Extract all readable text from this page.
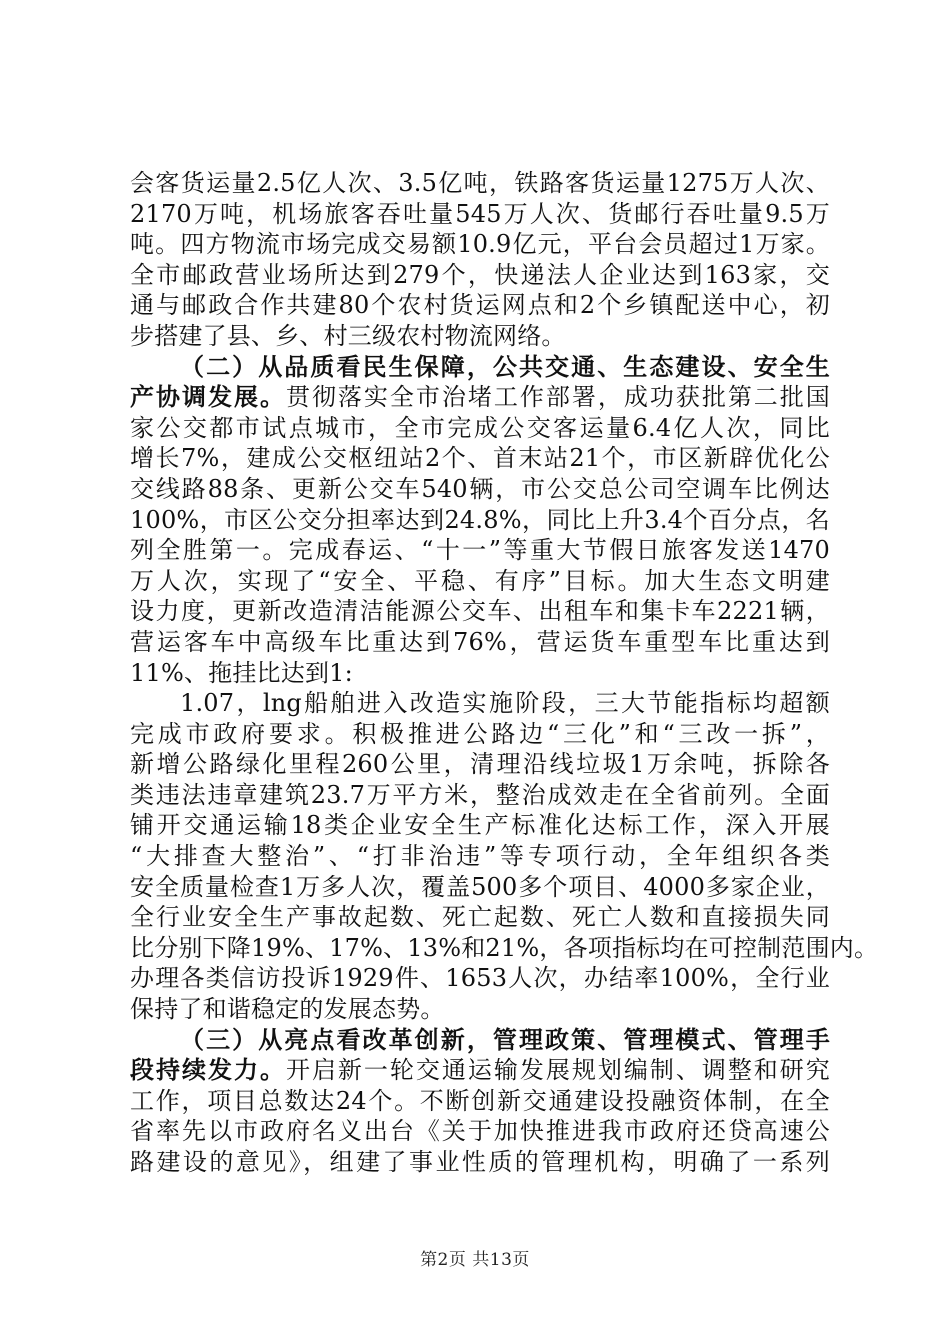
会客货运量2.5亿人次、3.5亿吨，铁路客货运量1275万人次、
2170万吨，机场旅客吞吐量545万人次、货邮行吞吐量9.5万
吨。四方物流市场完成交易额10.9亿元，平台会员超过1万家。
全市邮政营业场所达到279个，快递法人企业达到163家，交
通与邮政合作共建80个农村货运网点和2个乡镇配送中心，初
步搭建了县、乡、村三级农村物流网络。
（二）从品质看民生保障，公共交通、生态建设、安全生
产协调发展。贯彻落实全市治堵工作部署，成功获批第二批国
家公交都市试点城市，全市完成公交客运量6.4亿人次，同比
增长7%，建成公交枢纽站2个、首末站21个，市区新辟优化公
交线路88条、更新公交车540辆，市公交总公司空调车比例达
100%，市区公交分担率达到24.8%，同比上升3.4个百分点，名
列全胜第一。完成春运、“十一”等重大节假日旅客发送1470
万人次，实现了“安全、平稳、有序”目标。加大生态文明建
设力度，更新改造清洁能源公交车、出租车和集卡车2221辆，
营运客车中高级车比重达到76%，营运货车重型车比重达到
11%、拖挂比达到1:
1.07，lng船舶进入改造实施阶段，三大节能指标均超额
完成市政府要求。积极推进公路边“三化”和“三改一拆”，
新增公路绿化里程260公里，清理沿线垃圾1万余吨，拆除各
类违法违章建筑23.7万平方米，整治成效走在全省前列。全面
铺开交通运输18类企业安全生产标准化达标工作，深入开展
“大排查大整治”、“打非治违”等专项行动，全年组织各类
安全质量检查1万多人次，覆盖500多个项目、4000多家企业，
全行业安全生产事故起数、死亡起数、死亡人数和直接损失同
比分别下降19%、17%、13%和21%，各项指标均在可控制范围内。
办理各类信访投诉1929件、1653人次，办结率100%，全行业
保持了和谐稳定的发展态势。
（三）从亮点看改革创新，管理政策、管理模式、管理手
段持续发力。开启新一轮交通运输发展规划编制、调整和研究
工作，项目总数达24个。不断创新交通建设投融资体制，在全
省率先以市政府名义出台《关于加快推进我市政府还贷高速公
路建设的意见》，组建了事业性质的管理机构，明确了一系列
第2页 共13页
